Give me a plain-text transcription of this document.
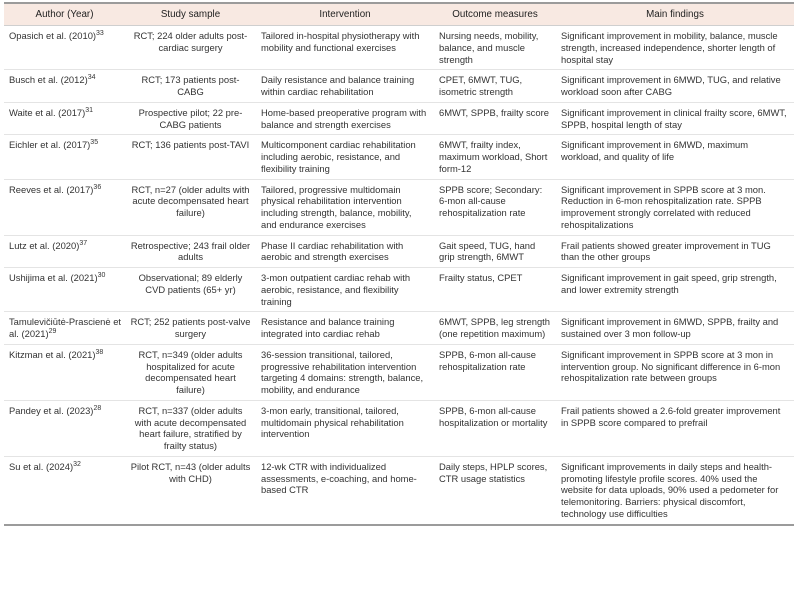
Author (Year)	Study sample	Intervention	Outcome measures	Main findings
Opasich et al. (2010)$^{33}$	RCT; 224 older adults post-cardiac surgery	Tailored in-hospital physiotherapy with mobility and functional exercises	Nursing needs, mobility, balance, and muscle strength	Significant improvement in mobility, balance, muscle strength, increased independence, shorter length of hospital stay
Busch et al. (2012)$^{34}$	RCT; 173 patients post-CABG	Daily resistance and balance training within cardiac rehabilitation	CPET, 6MWT, TUG, isometric strength	Significant improvement in 6MWD, TUG, and relative workload soon after CABG
Waite et al. (2017)$^{31}$	Prospective pilot; 22 pre-CABG patients	Home-based preoperative program with balance and strength exercises	6MWT, SPPB, frailty score	Significant improvement in clinical frailty score, 6MWT, SPPB, hospital length of stay
Eichler et al. (2017)$^{35}$	RCT; 136 patients post-TAVI	Multicomponent cardiac rehabilitation including aerobic, resistance, and flexibility training	6MWT, frailty index, maximum workload, Short form-12	Significant improvement in 6MWD, maximum workload, and quality of life
Reeves et al. (2017)$^{36}$	RCT, n=27 (older adults with acute decompensated heart failure)	Tailored, progressive multidomain physical rehabilitation intervention including strength, balance, mobility, and endurance exercises	SPPB score; Secondary: 6-mon all-cause rehospitalization rate	Significant improvement in SPPB score at 3 mon. Reduction in 6-mon rehospitalization rate. SPPB improvement strongly correlated with reduced rehospitalizations
Lutz et al. (2020)$^{37}$	Retrospective; 243 frail older adults	Phase II cardiac rehabilitation with aerobic and strength exercises	Gait speed, TUG, hand grip strength, 6MWT	Frail patients showed greater improvement in TUG than the other groups
Ushijima et al. (2021)$^{30}$	Observational; 89 elderly CVD patients (65+ yr)	3-mon outpatient cardiac rehab with aerobic, resistance, and flexibility training	Frailty status, CPET	Significant improvement in gait speed, grip strength, and lower extremity strength
Tamulevičiūtė-Prascienė et al. (2021)$^{29}$	RCT; 252 patients post-valve surgery	Resistance and balance training integrated into cardiac rehab	6MWT, SPPB, leg strength (one repetition maximum)	Significant improvement in 6MWD, SPPB, frailty and sustained over 3 mon follow-up
Kitzman et al. (2021)$^{38}$	RCT, n=349 (older adults hospitalized for acute decompensated heart failure)	36-session transitional, tailored, progressive rehabilitation intervention targeting 4 domains: strength, balance, mobility, and endurance	SPPB, 6-mon all-cause rehospitalization rate	Significant improvement in SPPB score at 3 mon in intervention group. No significant difference in 6-mon rehospitalization rate between groups
Pandey et al. (2023)$^{28}$	RCT, n=337 (older adults with acute decompensated heart failure, stratified by frailty status)	3-mon early, transitional, tailored, multidomain physical rehabilitation intervention	SPPB, 6-mon all-cause hospitalization or mortality	Frail patients showed a 2.6-fold greater improvement in SPPB score compared to prefrail
Su et al. (2024)$^{32}$	Pilot RCT, n=43 (older adults with CHD)	12-wk CTR with individualized assessments, e-coaching, and home-based CTR	Daily steps, HPLP scores, CTR usage statistics	Significant improvements in daily steps and health-promoting lifestyle profile scores. 40% used the website for data uploads, 90% used a pedometer for telemonitoring. Barriers: physical discomfort, technology use difficulties
